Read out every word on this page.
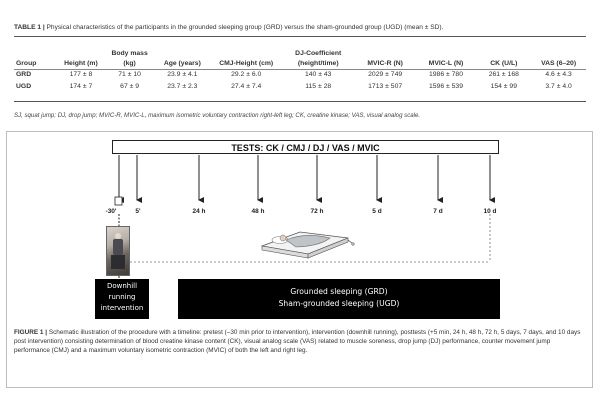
TABLE 1 | Physical characteristics of the participants in the grounded sleeping group (GRD) versus the sham-grounded group (UGD) (mean ± SD).
Group	Height (m)	Body mass (kg)	Age (years)	CMJ-Height (cm)	DJ-Coefficient (height/time)	MVIC-R (N)	MVIC-L (N)	CK (U/L)	VAS (6–20)
GRD	177 ± 8	71 ± 10	23.9 ± 4.1	29.2 ± 6.0	140 ± 43	2029 ± 749	1986 ± 780	261 ± 168	4.6 ± 4.3
UGD	174 ± 7	67 ± 9	23.7 ± 2.3	27.4 ± 7.4	115 ± 28	1713 ± 507	1596 ± 539	154 ± 99	3.7 ± 4.0
SJ, squat jump; DJ, drop jump; MVIC-R, MVIC-L, maximum isometric voluntary contraction right-left leg; CK, creatine kinase; VAS, visual analog scale.
TESTS: CK / CMJ / DJ / VAS / MVIC
-30'	5'	24 h	48 h	72 h	5 d	7 d	10 d
Downhill
running
intervention
Grounded sleeping (GRD)
Sham-grounded sleeping (UGD)
FIGURE 1 | Schematic illustration of the procedure with a timeline: pretest (–30 min prior to intervention), intervention (downhill running), posttests (+5 min, 24 h, 48 h, 72 h, 5 days, 7 days, and 10 days post intervention) consisting determination of blood creatine kinase content (CK), visual analog scale (VAS) related to muscle soreness, drop jump (DJ) performance, counter movement jump performance (CMJ) and a maximum voluntary isometric contraction (MVIC) of both the left and right leg.
